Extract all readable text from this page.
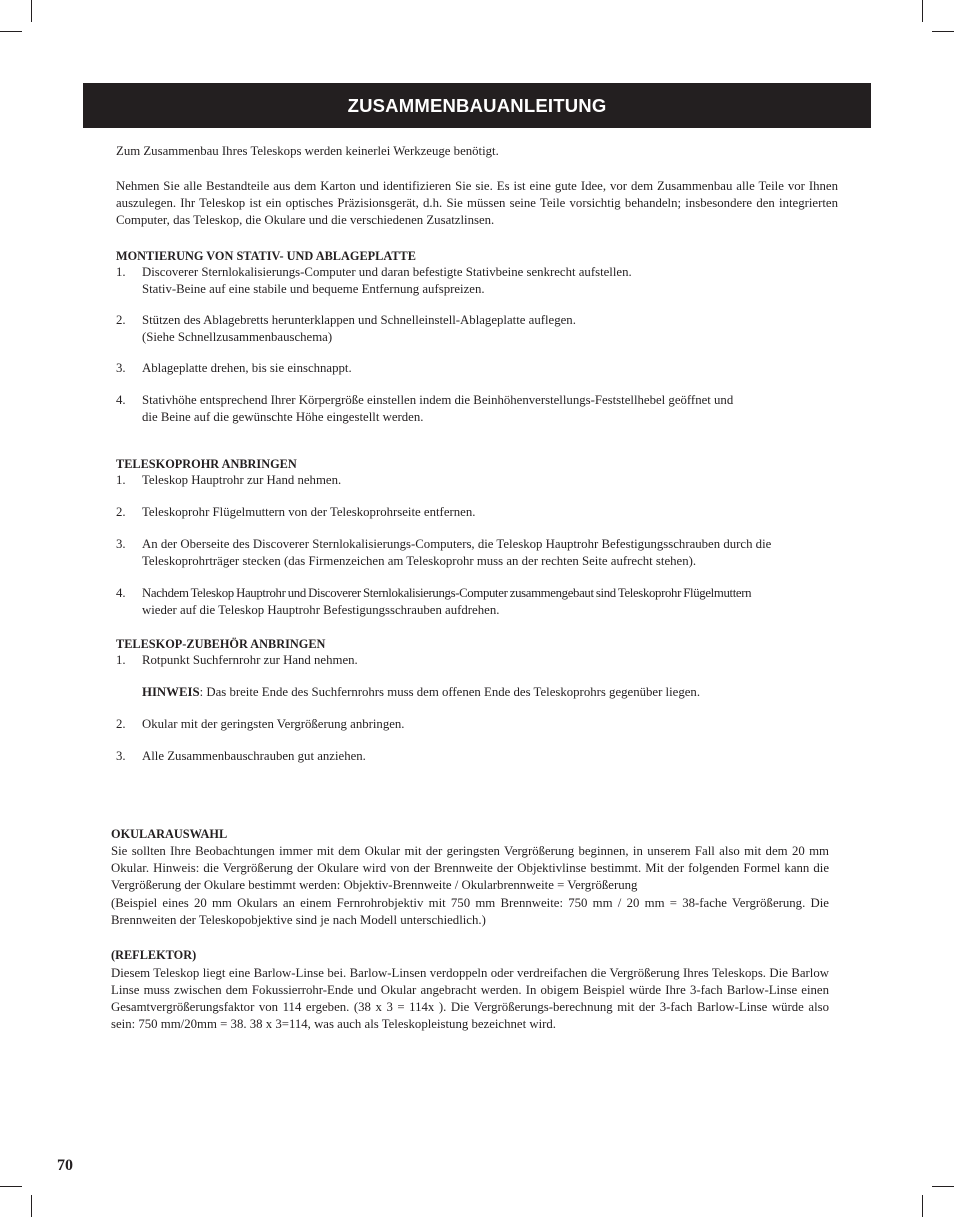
ZUSAMMENBAUANLEITUNG

Zum Zusammenbau Ihres Teleskops werden keinerlei Werkzeuge benötigt.

Nehmen Sie alle Bestandteile aus dem Karton und identifizieren Sie sie. Es ist eine gute Idee, vor dem Zusammenbau alle Teile vor Ihnen auszulegen. Ihr Teleskop ist ein optisches Präzisionsgerät, d.h. Sie müssen seine Teile vorsichtig behandeln; insbesondere den integrierten Computer, das Teleskop, die Okulare und die verschiedenen Zusatzlinsen.

MONTIERUNG VON STATIV- UND ABLAGEPLATTE
1. Discoverer Sternlokalisierungs-Computer und daran befestigte Stativbeine senkrecht aufstellen.
Stativ-Beine auf eine stabile und bequeme Entfernung aufspreizen.
2. Stützen des Ablagebretts herunterklappen und Schnelleinstell-Ablageplatte auflegen.
(Siehe Schnellzusammenbauschema)
3. Ablageplatte drehen, bis sie einschnappt.
4. Stativhöhe entsprechend Ihrer Körpergröße einstellen indem die Beinhöhenverstellungs-Feststellhebel geöffnet und
die Beine auf die gewünschte Höhe eingestellt werden.
TELESKOPROHR ANBRINGEN
1. Teleskop Hauptrohr zur Hand nehmen.
2. Teleskoprohr Flügelmuttern von der Teleskoprohrseite entfernen.
3. An der Oberseite des Discoverer Sternlokalisierungs-Computers, die Teleskop Hauptrohr Befestigungsschrauben durch die
Teleskoprohrträger stecken (das Firmenzeichen am Teleskoprohr muss an der rechten Seite aufrecht stehen).
4. Nachdem Teleskop Hauptrohr und Discoverer Sternlokalisierungs-Computer zusammengebaut sind Teleskoprohr Flügelmuttern
wieder auf die Teleskop Hauptrohr Befestigungsschrauben aufdrehen.
TELESKOP-ZUBEHÖR ANBRINGEN
1. Rotpunkt Suchfernrohr zur Hand nehmen.
HINWEIS: Das breite Ende des Suchfernrohrs muss dem offenen Ende des Teleskoprohrs gegenüber liegen.
2. Okular mit der geringsten Vergrößerung anbringen.
3. Alle Zusammenbauschrauben gut anziehen.
OKULARAUSWAHL

Sie sollten Ihre Beobachtungen immer mit dem Okular mit der geringsten Vergrößerung beginnen, in unserem Fall also mit dem 20 mm Okular. Hinweis: die Vergrößerung der Okulare wird von der Brennweite der Objektivlinse bestimmt. Mit der folgenden Formel kann die Vergrößerung der Okulare bestimmt werden: Objektiv-Brennweite / Okularbrennweite = Vergrößerung

(Beispiel eines 20 mm Okulars an einem Fernrohrobjektiv mit 750 mm Brennweite: 750 mm / 20 mm = 38-fache Vergrößerung. Die Brennweiten der Teleskopobjektive sind je nach Modell unterschiedlich.)

(REFLEKTOR)

Diesem Teleskop liegt eine Barlow-Linse bei. Barlow-Linsen verdoppeln oder verdreifachen die Vergrößerung Ihres Teleskops. Die Barlow Linse muss zwischen dem Fokussierrohr-Ende und Okular angebracht werden. In obigem Beispiel würde Ihre 3-fach Barlow-Linse einen Gesamtvergrößerungsfaktor von 114 ergeben. (38 x 3 = 114x ). Die Vergrößerungs-berechnung mit der 3-fach Barlow-Linse würde also sein: 750 mm/20mm = 38. 38 x 3=114, was auch als Teleskopleistung bezeichnet wird.

70
